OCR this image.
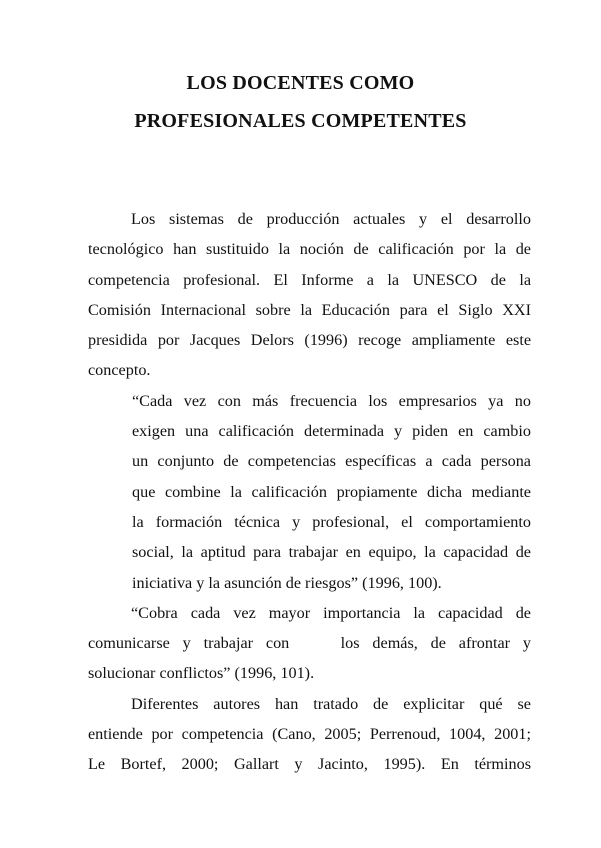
LOS DOCENTES COMO
PROFESIONALES COMPETENTES
Los sistemas de producción actuales y el desarrollo
tecnológico han sustituido la noción de calificación por la de
competencia profesional. El Informe a la UNESCO de la
Comisión Internacional sobre la Educación para el Siglo XXI
presidida por Jacques Delors (1996) recoge ampliamente este
concepto.
“Cada vez con más frecuencia los empresarios ya no
exigen una calificación determinada y piden en cambio
un conjunto de competencias específicas a cada persona
que combine la calificación propiamente dicha mediante
la formación técnica y profesional, el comportamiento
social, la aptitud para trabajar en equipo, la capacidad de
iniciativa y la asunción de riesgos” (1996, 100).
“Cobra cada vez mayor importancia la capacidad de
comunicarse y trabajar con    los demás, de afrontar y
solucionar conflictos” (1996, 101).
Diferentes autores han tratado de explicitar qué se
entiende por competencia (Cano, 2005; Perrenoud, 1004, 2001;
Le Bortef, 2000; Gallart y Jacinto, 1995). En términos
